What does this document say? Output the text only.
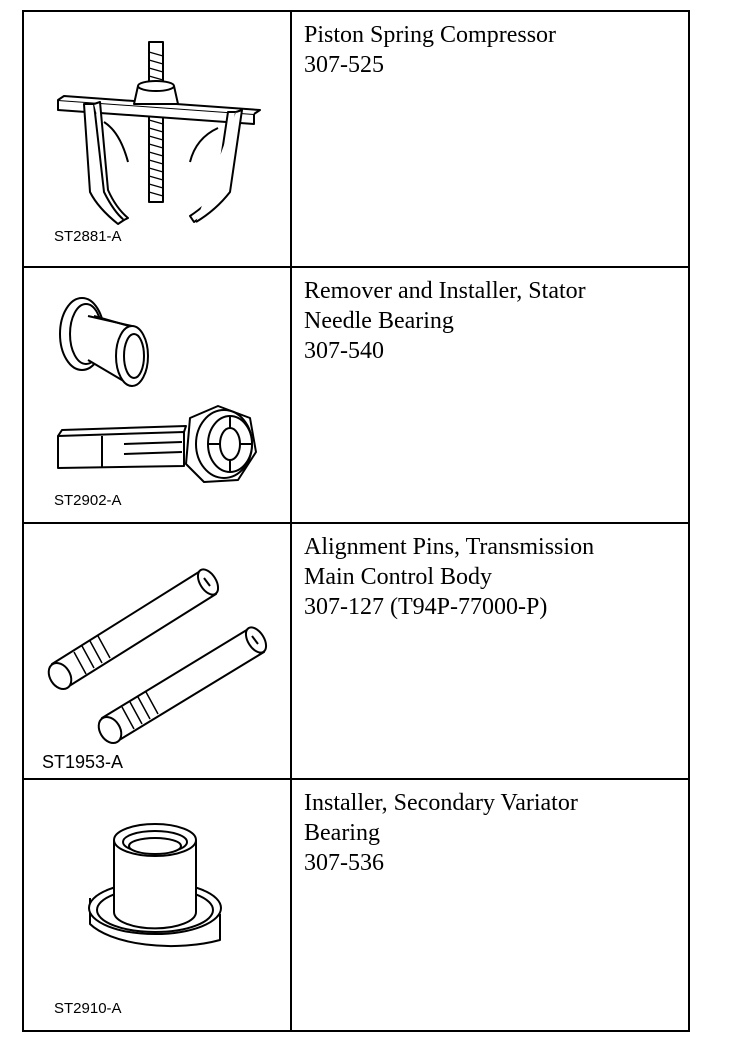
ST2881-A
Piston Spring Compressor
307-525
ST2902-A
Remover and Installer, Stator
Needle Bearing
307-540
ST1953-A
Alignment Pins, Transmission
Main Control Body
307-127 (T94P-77000-P)
ST2910-A
Installer, Secondary Variator
Bearing
307-536
